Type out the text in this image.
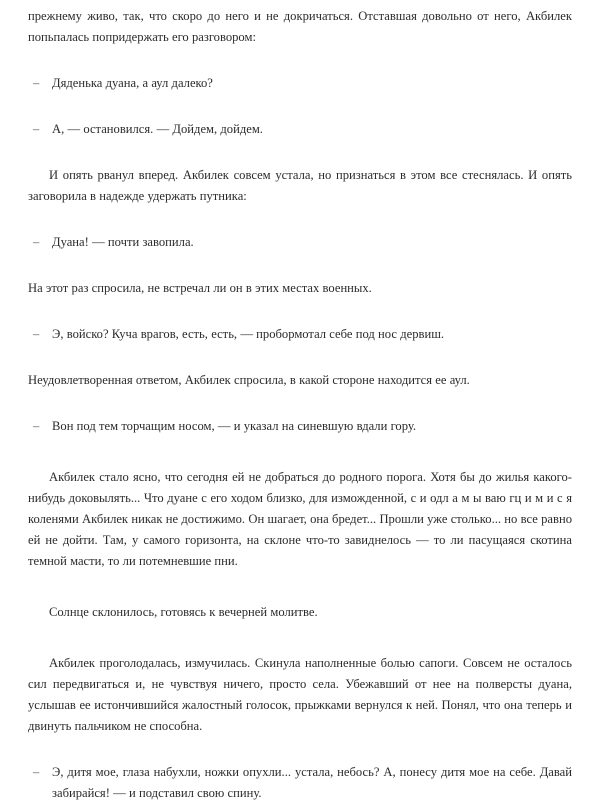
прежнему живо, так, что скоро до него и не докричаться. Отставшая довольно от него, Акбилек попьпалась попридержать его разговором:

–	Дяденька дуана, а аул далеко?
–	А, — остановился. — Дойдем, дойдем.

И опять рванул вперед. Акбилек совсем устала, но признаться в этом все стеснялась. И опять заговорила в надежде удержать путника:

–	Дуана! — почти завопила.

На этот раз спросила, не встречал ли он в этих местах военных.

–	Э, войско? Куча врагов, есть, есть, — пробормотал себе под нос дервиш.

Неудовлетворенная ответом, Акбилек спросила, в какой стороне находится ее аул.

–	Вон под тем торчащим носом, — и указал на синевшую вдали гору.

Акбилек стало ясно, что сегодня ей не добраться до родного порога. Хотя бы до жилья какого-нибудь доковылять... Что дуане с его ходом близко, для изможденной, с и одл а м ы ваю гц и м и с я коленями Акбилек никак не достижимо. Он шагает, она бредет... Прошли уже столько... но все равно ей не дойти. Там, у самого горизонта, на склоне что-то завиднелось — то ли пасущаяся скотина темной масти, то ли потемневшие пни.

Солнце склонилось, готовясь к вечерней молитве.

Акбилек проголодалась, измучилась. Скинула наполненные болью сапоги. Совсем не осталось сил передвигаться и, не чувствуя ничего, просто села. Убежавший от нее на полверсты дуана, услышав ее истончившийся жалостный голосок, прыжками вернулся к ней. Понял, что она теперь и двинуть пальчиком не способна.

–	Э, дитя мое, глаза набухли, ножки опухли... устала, небось? А, понесу дитя мое на себе. Давай забирайся! — и подставил свою спину.
